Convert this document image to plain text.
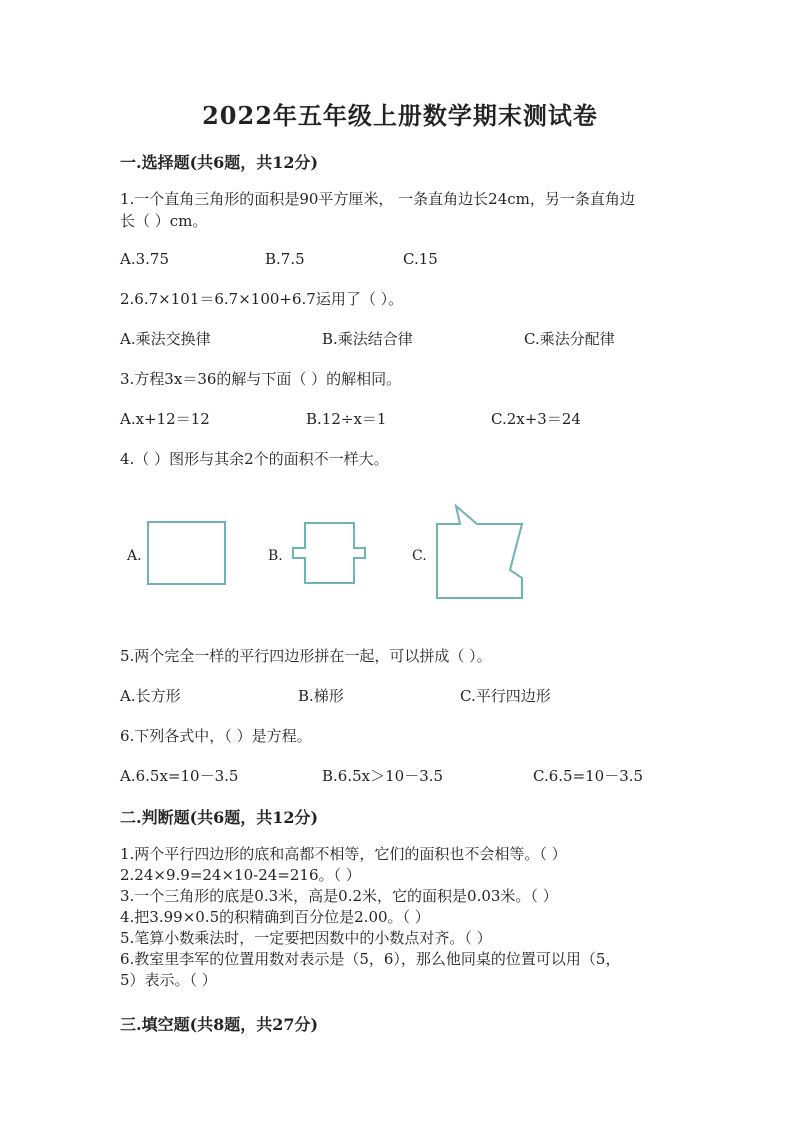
2022年五年级上册数学期末测试卷
一.选择题(共6题，共12分)
1.一个直角三角形的面积是90平方厘米， 一条直角边长24cm，另一条直角边
长（ ）cm。
A.3.75	B.7.5	C.15
2.6.7×101＝6.7×100+6.7运用了（ ）。
A.乘法交换律	B.乘法结合律	C.乘法分配律
3.方程3x＝36的解与下面（ ）的解相同。
A.x+12＝12	B.12÷x＝1	C.2x+3＝24
4.（ ）图形与其余2个的面积不一样大。
A.	B.	C.
5.两个完全一样的平行四边形拼在一起，可以拼成（ ）。
A.长方形	B.梯形	C.平行四边形
6.下列各式中，（ ）是方程。
A.6.5x=10－3.5	B.6.5x＞10－3.5	C.6.5=10－3.5
二.判断题(共6题，共12分)
1.两个平行四边形的底和高都不相等，它们的面积也不会相等。（ ）
2.24×9.9=24×10-24=216。（ ）
3.一个三角形的底是0.3米，高是0.2米，它的面积是0.03米。（ ）
4.把3.99×0.5的积精确到百分位是2.00。（ ）
5.笔算小数乘法时，一定要把因数中的小数点对齐。（ ）
6.教室里李军的位置用数对表示是（5，6），那么他同桌的位置可以用（5，
5）表示。（ ）
三.填空题(共8题，共27分)
